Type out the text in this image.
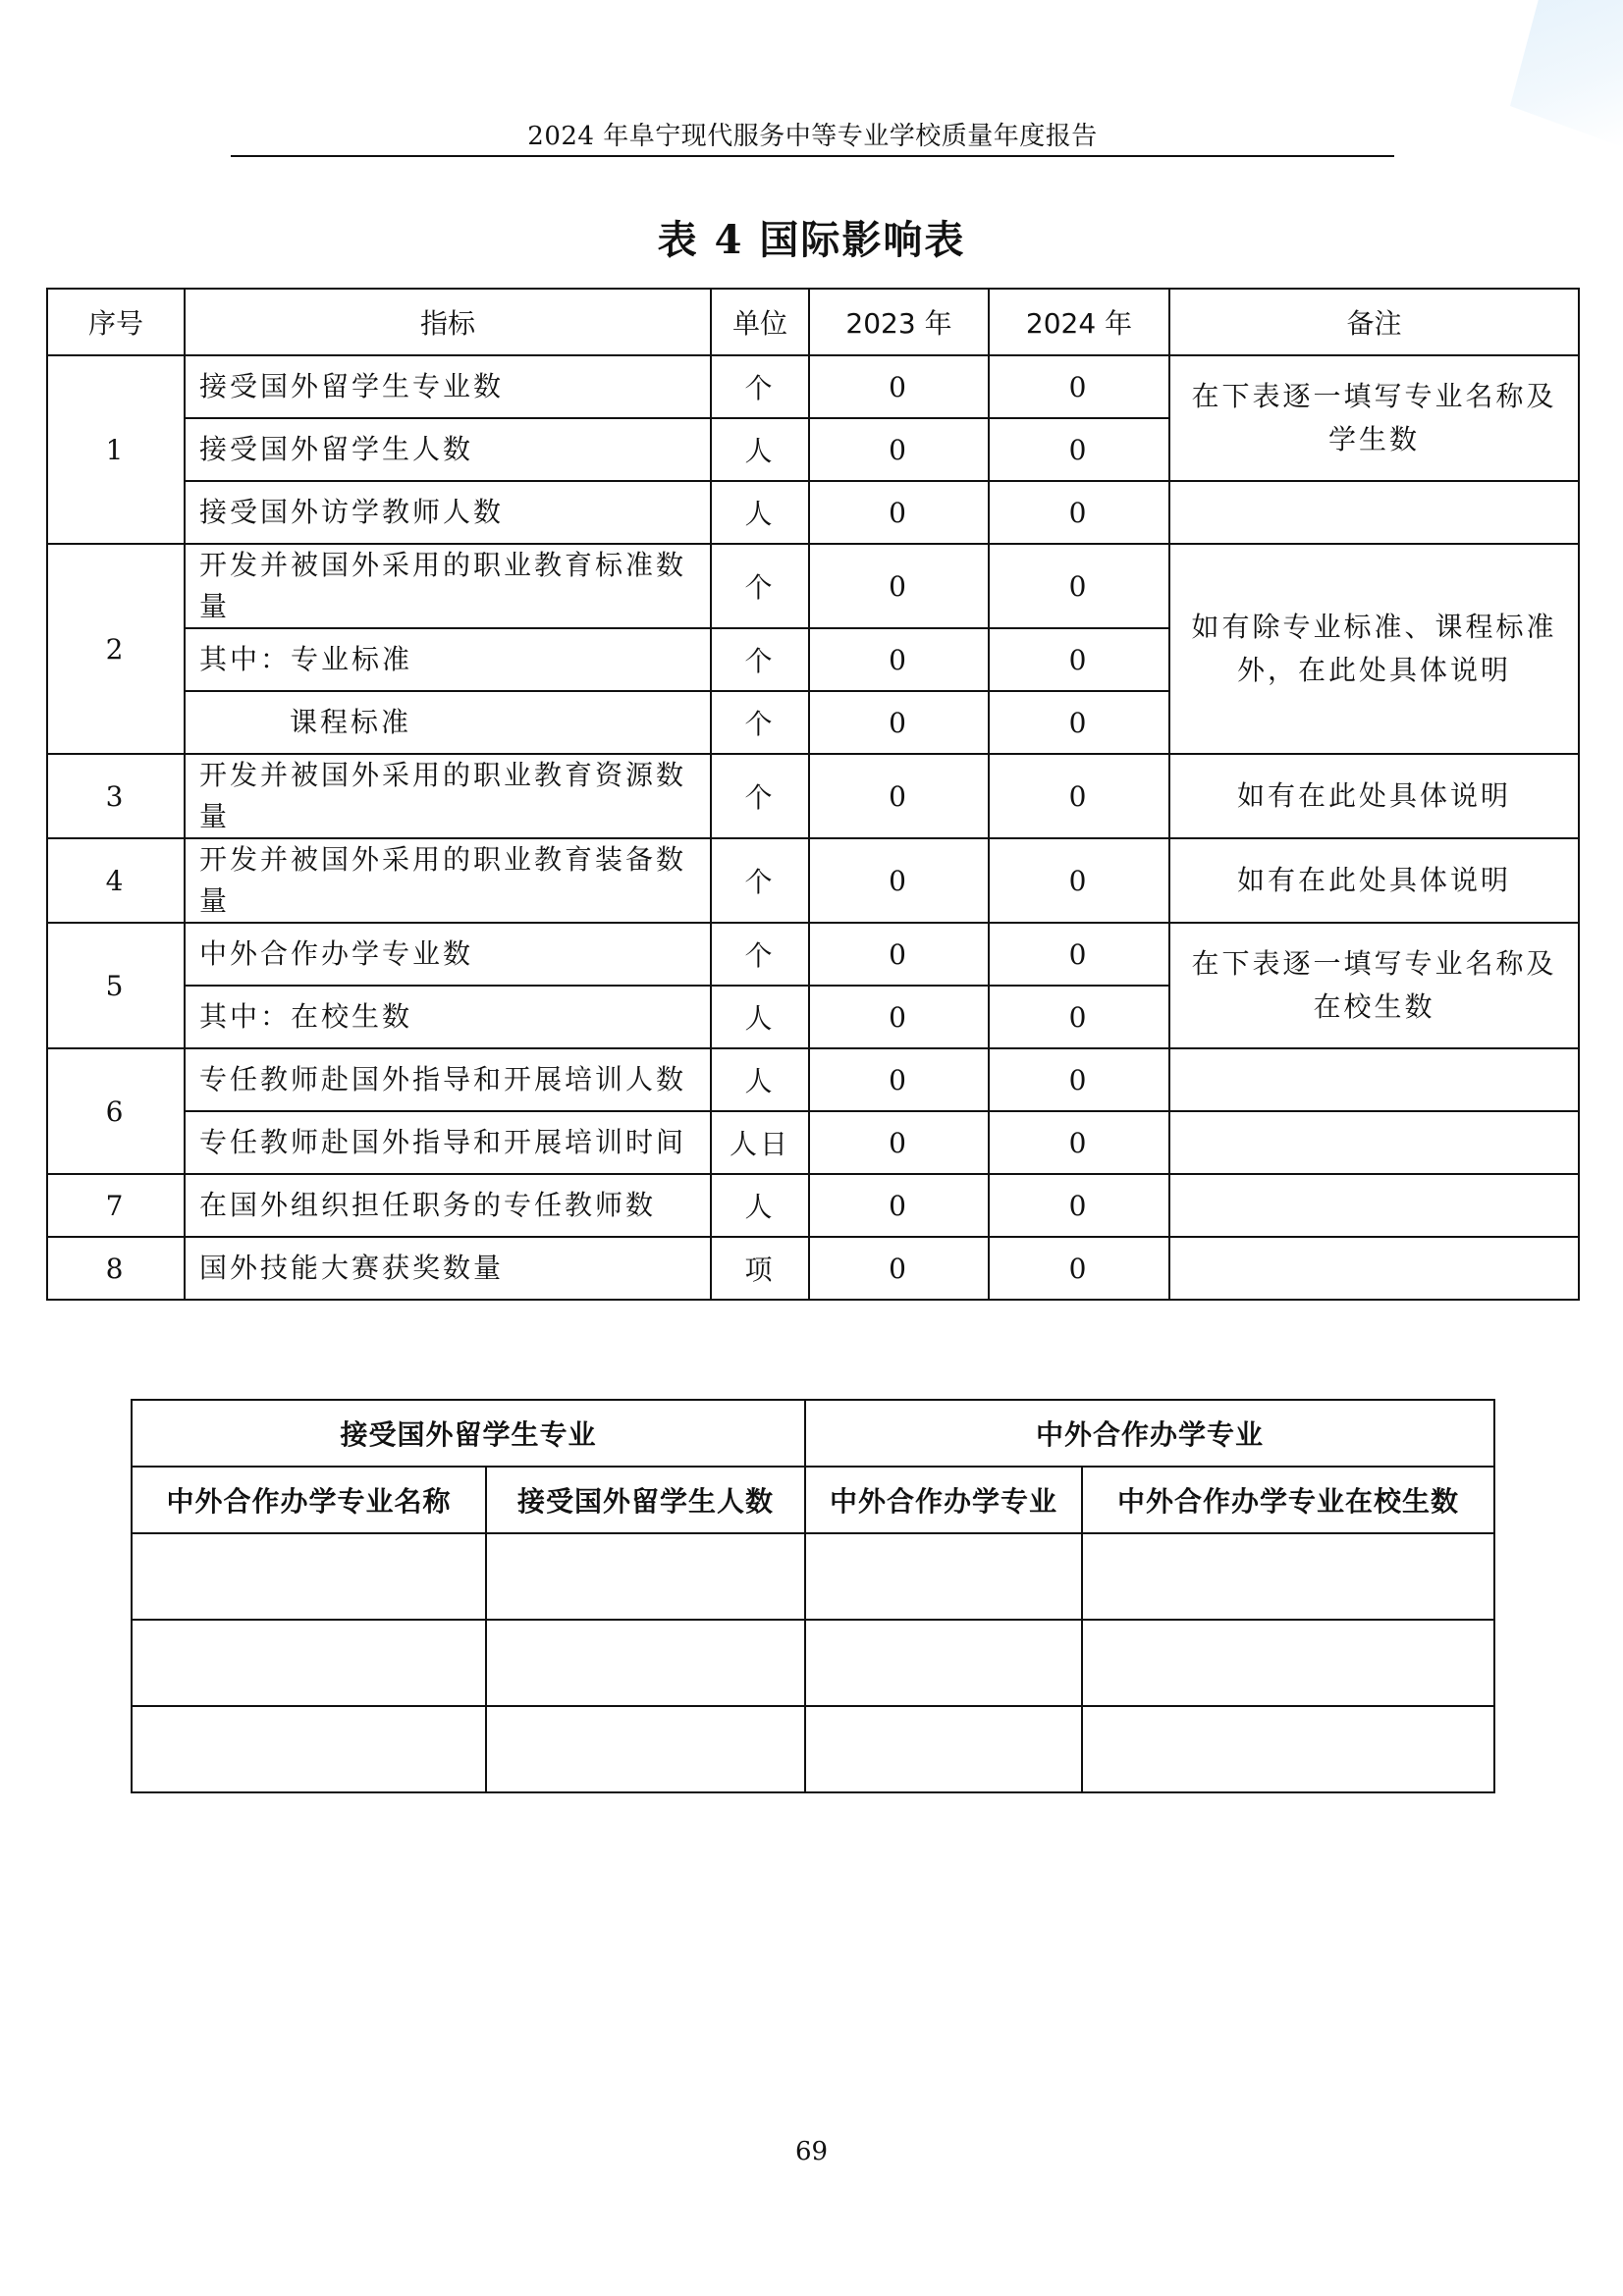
2024 年阜宁现代服务中等专业学校质量年度报告
表 4 国际影响表
序号	指标	单位	2023 年	2024 年	备注
1	接受国外留学生专业数	个	0	0	在下表逐一填写专业名称及学生数
	接受国外留学生人数	人	0	0	
	接受国外访学教师人数	人	0	0	
2	开发并被国外采用的职业教育标准数量	个	0	0	如有除专业标准、课程标准外，在此处具体说明
	其中：专业标准	个	0	0	
	课程标准	个	0	0	
3	开发并被国外采用的职业教育资源数量	个	0	0	如有在此处具体说明
4	开发并被国外采用的职业教育装备数量	个	0	0	如有在此处具体说明
5	中外合作办学专业数	个	0	0	在下表逐一填写专业名称及在校生数
	其中：在校生数	人	0	0	
6	专任教师赴国外指导和开展培训人数	人	0	0	
	专任教师赴国外指导和开展培训时间	人日	0	0	
7	在国外组织担任职务的专任教师数	人	0	0	
8	国外技能大赛获奖数量	项	0	0	
接受国外留学生专业		中外合作办学专业	
中外合作办学专业名称	接受国外留学生人数	中外合作办学专业	中外合作办学专业在校生数

69
